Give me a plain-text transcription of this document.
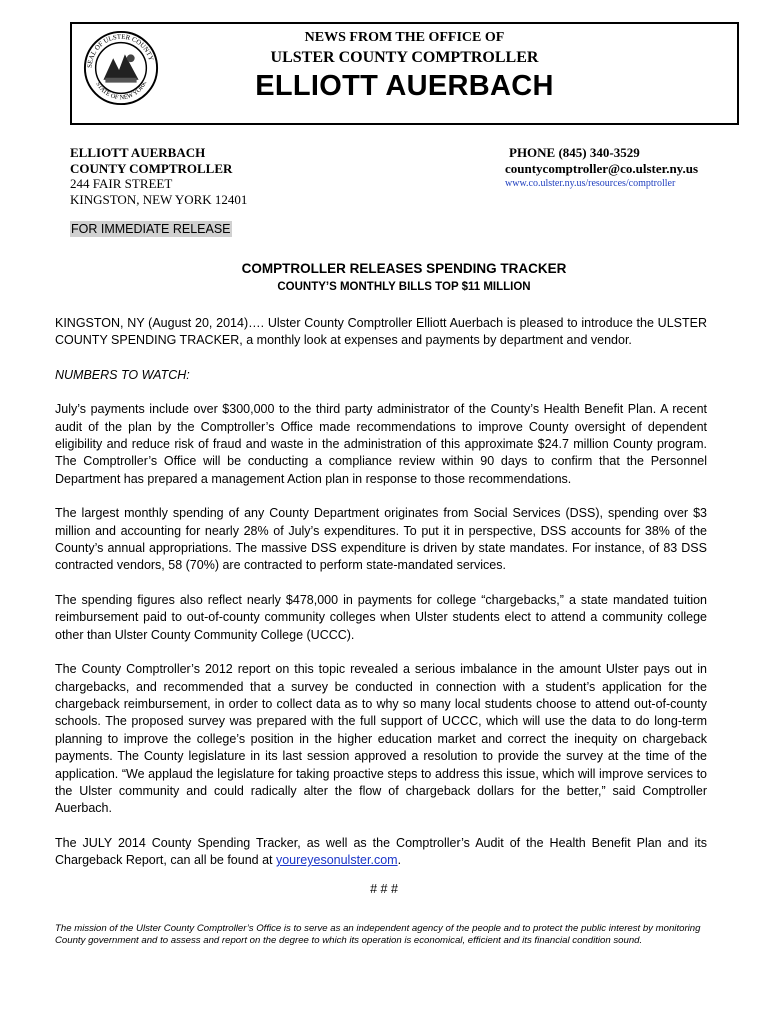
SEAL OF ULSTER COUNTY
STATE OF NEW YORK
NEWS FROM THE OFFICE OF
ULSTER COUNTY COMPTROLLER
ELLIOTT AUERBACH
ELLIOTT AUERBACH
COUNTY COMPTROLLER
244 FAIR STREET
KINGSTON, NEW YORK 12401
PHONE (845) 340-3529
countycomptroller@co.ulster.ny.us
www.co.ulster.ny.us/resources/comptroller
FOR IMMEDIATE RELEASE
COMPTROLLER RELEASES SPENDING TRACKER
COUNTY’S MONTHLY BILLS TOP $11 MILLION

KINGSTON, NY (August 20, 2014)…. Ulster County Comptroller Elliott Auerbach is pleased to introduce the ULSTER COUNTY SPENDING TRACKER, a monthly look at expenses and payments by department and vendor.

NUMBERS TO WATCH:

July’s payments include over $300,000 to the third party administrator of the County’s Health Benefit Plan. A recent audit of the plan by the Comptroller’s Office made recommendations to improve County oversight of dependent eligibility and reduce risk of fraud and waste in the administration of this approximate $24.7 million County program. The Comptroller’s Office will be conducting a compliance review within 90 days to confirm that the Personnel Department has prepared a management Action plan in response to those recommendations.

The largest monthly spending of any County Department originates from Social Services (DSS), spending over $3 million and accounting for nearly 28% of July’s expenditures. To put it in perspective, DSS accounts for 38% of the County’s annual appropriations. The massive DSS expenditure is driven by state mandates. For instance, of 83 DSS contracted vendors, 58 (70%) are contracted to perform state-mandated services.

The spending figures also reflect nearly $478,000 in payments for college “chargebacks,” a state mandated tuition reimbursement paid to out-of-county community colleges when Ulster students elect to attend a community college other than Ulster County Community College (UCCC).

The County Comptroller’s 2012 report on this topic revealed a serious imbalance in the amount Ulster pays out in chargebacks, and recommended that a survey be conducted in connection with a student’s application for the chargeback reimbursement, in order to collect data as to why so many local students choose to attend out-of-county schools. The proposed survey was prepared with the full support of UCCC, which will use the data to do long-term planning to improve the college’s position in the higher education market and correct the inequity on chargeback payments. The County legislature in its last session approved a resolution to provide the survey at the time of the application. “We applaud the legislature for taking proactive steps to address this issue, which will improve services to the Ulster community and could radically alter the flow of chargeback dollars for the better,” said Comptroller Auerbach.

The JULY 2014 County Spending Tracker, as well as the Comptroller’s Audit of the Health Benefit Plan and its Chargeback Report, can all be found at youreyesonulster.com.

# # #
The mission of the Ulster County Comptroller’s Office is to serve as an independent agency of the people and to protect the public interest by monitoring County government and to assess and report on the degree to which its operation is economical, efficient and its financial condition sound.
